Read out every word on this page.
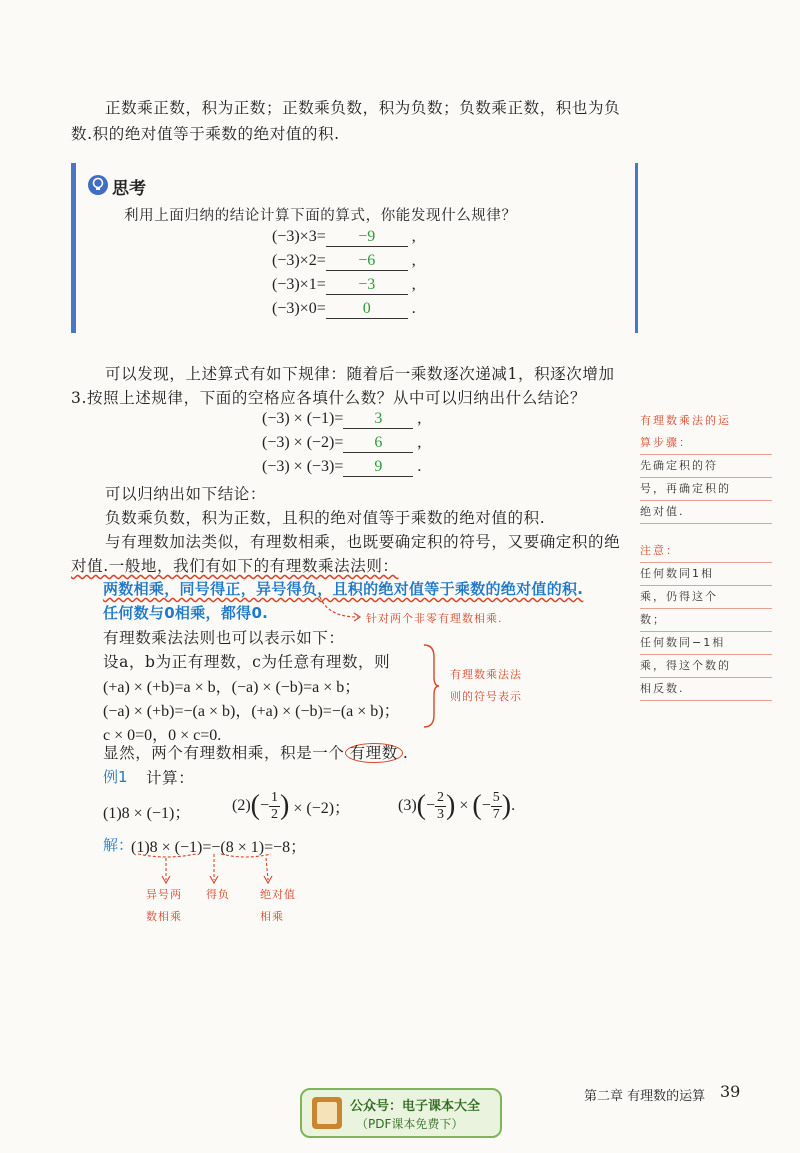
正数乘正数，积为正数；正数乘负数，积为负数；负数乘正数，积也为负
数.积的绝对值等于乘数的绝对值的积.
思考
利用上面归纳的结论计算下面的算式，你能发现什么规律？
(−3)×3= −9 ,
(−3)×2= −6 ,
(−3)×1= −3 ,
(−3)×0= 0	.
可以发现，上述算式有如下规律：随着后一乘数逐次递减1，积逐次增加
3.按照上述规律，下面的空格应各填什么数？从中可以归纳出什么结论？
(−3) × (−1)= 3 ,
(−3) × (−2)= 6 ,
(−3) × (−3)= 9 .
可以归纳出如下结论：
负数乘负数，积为正数，且积的绝对值等于乘数的绝对值的积.
与有理数加法类似，有理数相乘，也既要确定积的符号，又要确定积的绝
对值.一般地，我们有如下的有理数乘法法则：
两数相乘，同号得正，异号得负，且积的绝对值等于乘数的绝对值的积.
任何数与0相乘，都得0.	针对两个非零有理数相乘.
有理数乘法法则也可以表示如下：
设a，b为正有理数，c为任意有理数，则
(+a) × (+b)=a × b，(−a) × (−b)=a × b；
(−a) × (+b)=−(a × b)，(+a) × (−b)=−(a × b)；
c × 0=0，0 × c=0.
有理数乘法法
则的符号表示
显然，两个有理数相乘，积是一个 有理数 .
例1 计算：
(1)8 × (−1)；	(2) ( − $\frac{1}{2}$ ) × (−2)；	(3) ( − $\frac{2}{3}$ ) × ( − $\frac{5}{7}$ ) .
解：
(1)8 × (−1)=−(8 × 1)=−8；
异号两
数相乘
得负	绝对值
相乘
有理数乘法的运
算步骤：
先确定积的符
号，再确定积的
绝对值.
注意：
任何数同1相
乘，仍得这个
数；
任何数同−1相
乘，得这个数的
相反数.
第二章 有理数的运算 39
公众号：电子课本大全
（PDF课本免费下）
